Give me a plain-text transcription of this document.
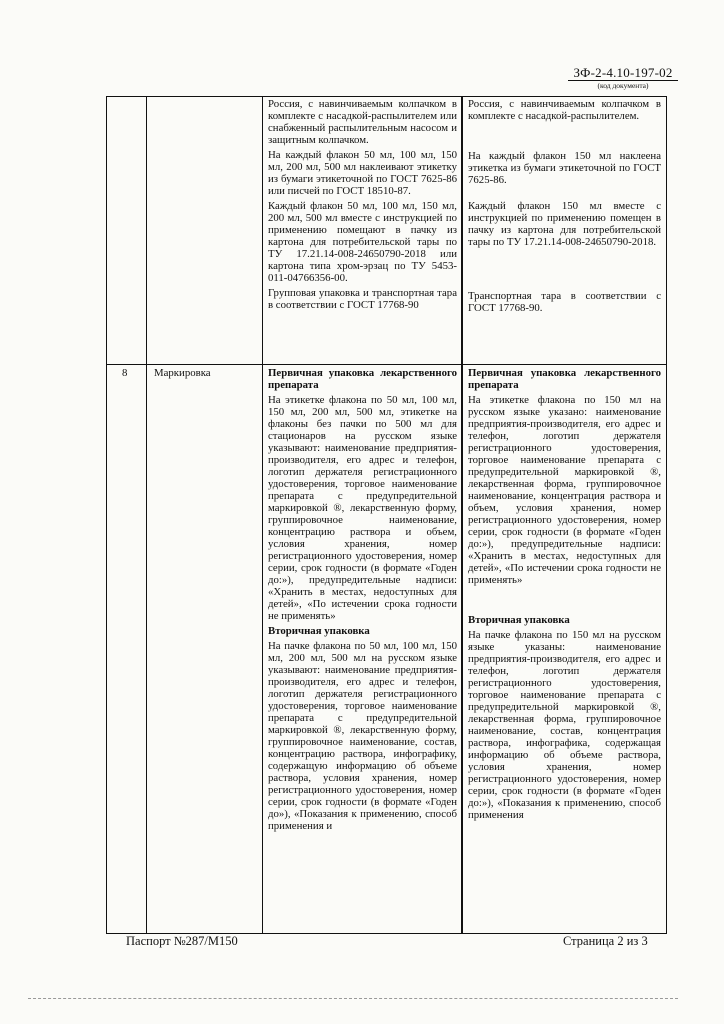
ЗФ-2-4.10-197-02
(код документа)

Россия, с навинчиваемым колпачком в комплекте с насадкой-распылителем или снабженный распылительным насосом и защитным колпачком.

На каждый флакон 50 мл, 100 мл, 150 мл, 200 мл, 500 мл наклеивают этикетку из бумаги этикеточной по ГОСТ 7625-86 или писчей по ГОСТ 18510-87.

Каждый флакон 50 мл, 100 мл, 150 мл, 200 мл, 500 мл вместе с инструкцией по применению помещают в пачку из картона для потребительской тары по ТУ 17.21.14-008-24650790-2018 или картона типа хром-эрзац по ТУ 5453-011-04766356-00.

Групповая упаковка и транспортная тара в соответствии с ГОСТ 17768-90

Россия, с навинчиваемым колпачком в комплекте с насадкой-распылителем.

На каждый флакон 150 мл наклеена этикетка из бумаги этикеточной по ГОСТ 7625-86.

Каждый флакон 150 мл вместе с инструкцией по применению помещен в пачку из картона для потребительской тары по ТУ 17.21.14-008-24650790-2018.

Транспортная тара в соответствии с ГОСТ 17768-90.

8 Маркировка	Первичная упаковка лекарственного препарата

На этикетке флакона по 50 мл, 100 мл, 150 мл, 200 мл, 500 мл, этикетке на флаконы без пачки по 500 мл для стационаров на русском языке указывают: наименование предприятия-производителя, его адрес и телефон, логотип держателя регистрационного удостоверения, торговое наименование препарата с предупредительной маркировкой ®, лекарственную форму, группировочное наименование, концентрацию раствора и объем, условия хранения, номер регистрационного удостоверения, номер серии, срок годности (в формате «Годен до:»), предупредительные надписи: «Хранить в местах, недоступных для детей», «По истечении срока годности не применять»

Вторичная упаковка

На пачке флакона по 50 мл, 100 мл, 150 мл, 200 мл, 500 мл на русском языке указывают: наименование предприятия-производителя, его адрес и телефон, логотип держателя регистрационного удостоверения, торговое наименование препарата с предупредительной маркировкой ®, лекарственную форму, группировочное наименование, состав, концентрацию раствора, инфографику, содержащую информацию об объеме раствора, условия хранения, номер регистрационного удостоверения, номер серии, срок годности (в формате «Годен до»), «Показания к применению, способ применения и

Первичная упаковка лекарственного препарата

На этикетке флакона по 150 мл на русском языке указано: наименование предприятия-производителя, его адрес и телефон, логотип держателя регистрационного удостоверения, торговое наименование препарата с предупредительной маркировкой ®, лекарственная форма, группировочное наименование, концентрация раствора и объем, условия хранения, номер регистрационного удостоверения, номер серии, срок годности (в формате «Годен до:»), предупредительные надписи: «Хранить в местах, недоступных для детей», «По истечении срока годности не применять»

Вторичная упаковка

На пачке флакона по 150 мл на русском языке указаны: наименование предприятия-производителя, его адрес и телефон, логотип держателя регистрационного удостоверения, торговое наименование препарата с предупредительной маркировкой ®, лекарственная форма, группировочное наименование, состав, концентрация раствора, инфографика, содержащая информацию об объеме раствора, условия хранения, номер регистрационного удостоверения, номер серии, срок годности (в формате «Годен до:»), «Показания к применению, способ применения

Паспорт №287/М150	Страница 2 из 3
